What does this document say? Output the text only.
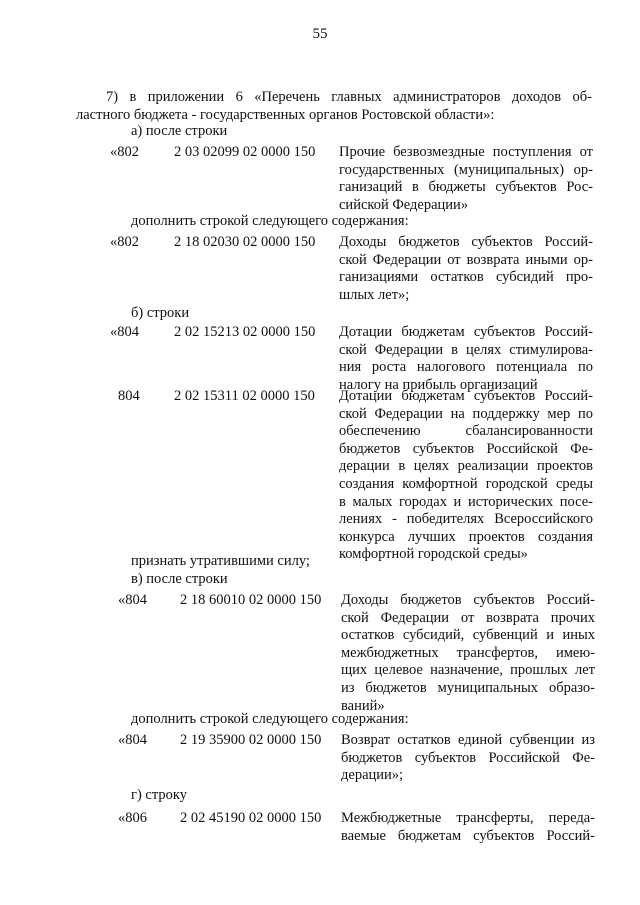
55
7) в приложении 6 «Перечень главных администраторов доходов об-
ластного бюджета - государственных органов Ростовской области»:
а) после строки
«802 2 03 02099 02 0000 150 Прочие безвозмездные поступления от
государственных (муниципальных) ор-
ганизаций в бюджеты субъектов Рос-
сийской Федерации»
дополнить строкой следующего содержания:
«802 2 18 02030 02 0000 150 Доходы бюджетов субъектов Россий-
ской Федерации от возврата иными ор-
ганизациями остатков субсидий про-
шлых лет»;
б) строки
«804 2 02 15213 02 0000 150 Дотации бюджетам субъектов Россий-
ской Федерации в целях стимулирова-
ния роста налогового потенциала по
налогу на прибыль организаций
804 2 02 15311 02 0000 150 Дотации бюджетам субъектов Россий-
ской Федерации на поддержку мер по
обеспечению сбалансированности
бюджетов субъектов Российской Фе-
дерации в целях реализации проектов
создания комфортной городской среды
в малых городах и исторических посе-
лениях - победителях Всероссийского
конкурса лучших проектов создания
комфортной городской среды»
признать утратившими силу;
в) после строки
«804 2 18 60010 02 0000 150 Доходы бюджетов субъектов Россий-
ской Федерации от возврата прочих
остатков субсидий, субвенций и иных
межбюджетных трансфертов, имею-
щих целевое назначение, прошлых лет
из бюджетов муниципальных образо-
ваний»
дополнить строкой следующего содержания:
«804 2 19 35900 02 0000 150 Возврат остатков единой субвенции из
бюджетов субъектов Российской Фе-
дерации»;
г) строку
«806 2 02 45190 02 0000 150 Межбюджетные трансферты, переда-
ваемые бюджетам субъектов Россий-
